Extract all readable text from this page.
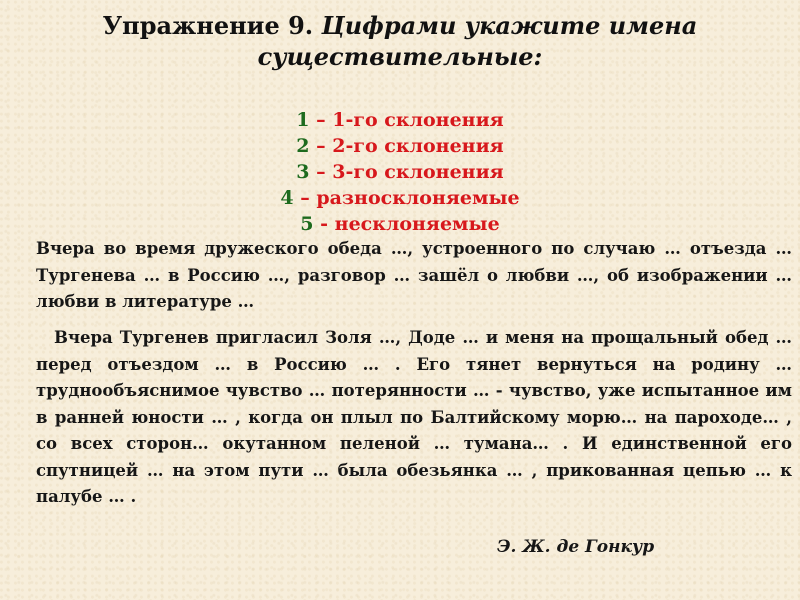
Упражнение 9. Цифрами укажите имена
существительные:
1 – 1-го склонения
2 – 2-го склонения
3 – 3-го склонения
4 – разносклоняемые
5 - несклоняемые
Вчера во время дружеского обеда …, устроенного по случаю … отъезда … Тургенева … в Россию …, разговор … зашёл о любви …, об изображении … любви в литературе …
Вчера Тургенев пригласил Золя …, Доде … и меня на прощальный обед … перед отъездом … в Россию … . Его тянет вернуться на родину … труднообъяснимое чувство … потерянности … - чувство, уже испытанное им в ранней юности … , когда он плыл по Балтийскому морю… на пароходе… , со всех сторон… окутанном пеленой … тумана… . И единственной его спутницей … на этом пути … была обезьянка … , прикованная цепью … к палубе … .
Э. Ж. де Гонкур
